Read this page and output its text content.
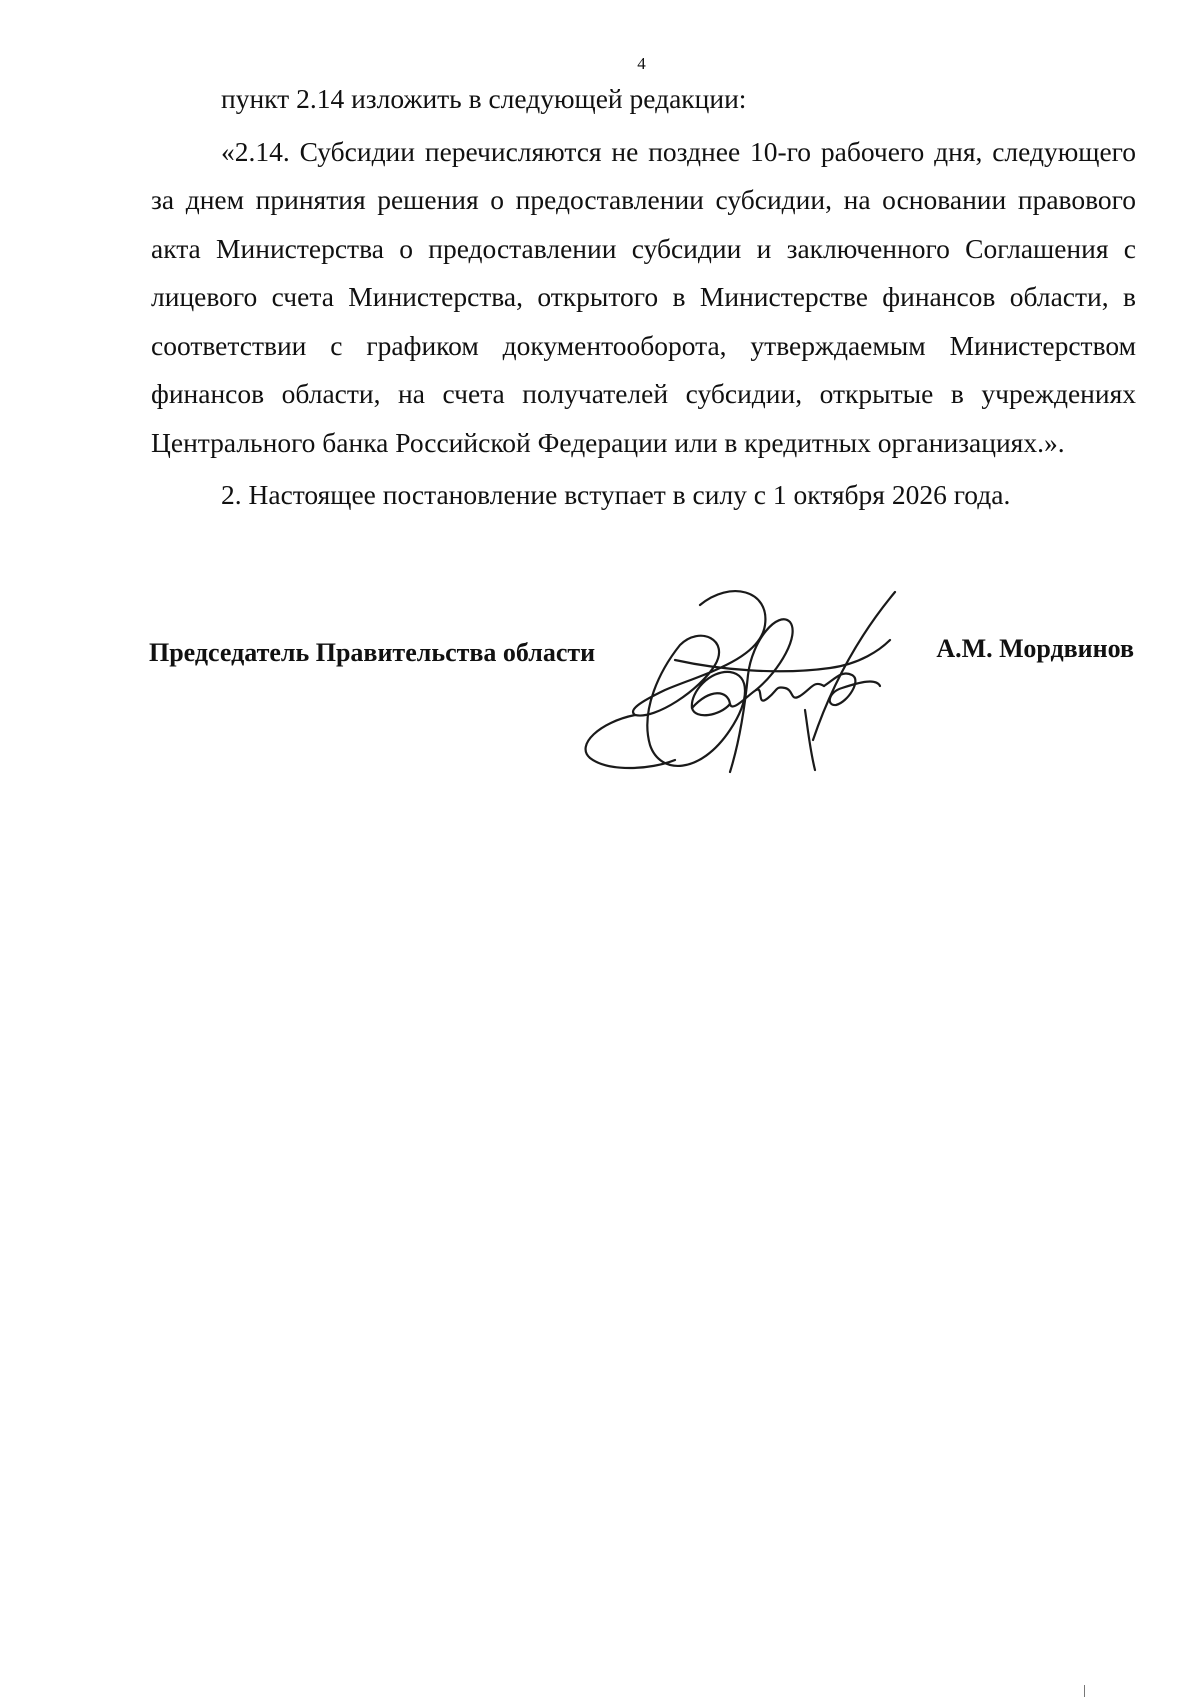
4

пункт 2.14 изложить в следующей редакции:

«2.14. Субсидии перечисляются не позднее 10-го рабочего дня, следующего за днем принятия решения о предоставлении субсидии, на основании правового акта Министерства о предоставлении субсидии и заключенного Соглашения с лицевого счета Министерства, открытого в Министерстве финансов области, в соответствии с графиком документооборота, утверждаемым Министерством финансов области, на счета получателей субсидии, открытые в учреждениях Центрального банка Российской Федерации или в кредитных организациях.».

2. Настоящее постановление вступает в силу с 1 октября 2026 года.

Председатель Правительства области	А.М. Мордвинов
